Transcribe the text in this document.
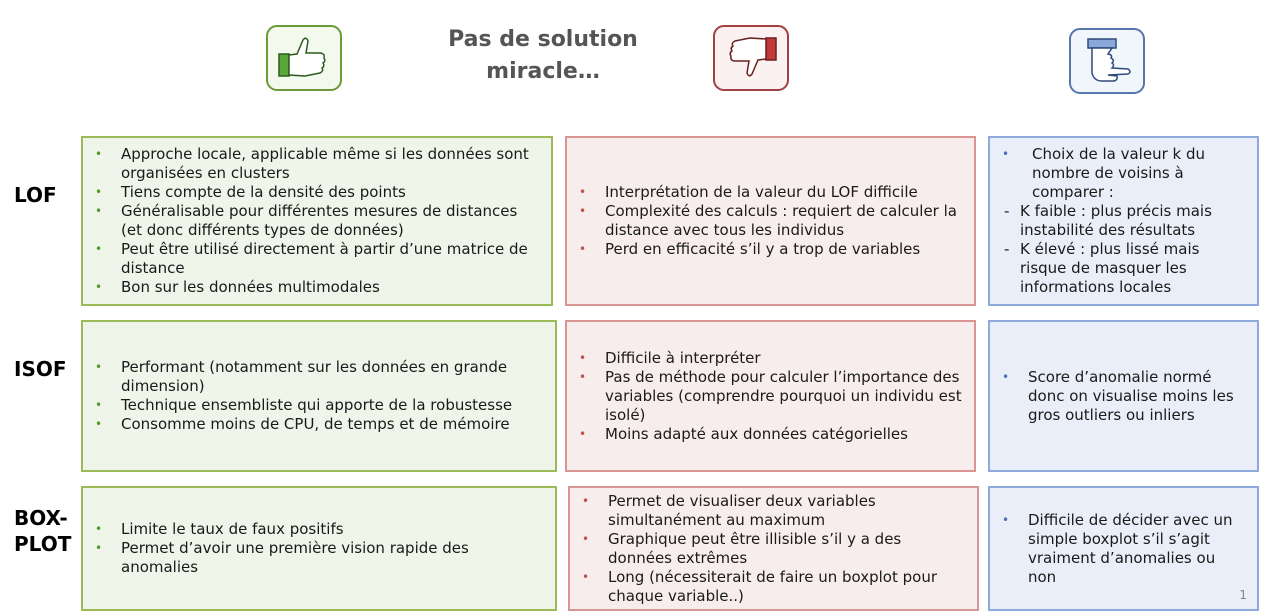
Pas de solution miracle…

LOF
ISOF
BOX-PLOT
• Approche locale, applicable même si les données sont organisées en clusters
• Tiens compte de la densité des points
• Généralisable pour différentes mesures de distances (et donc différents types de données)
• Peut être utilisé directement à partir d’une matrice de distance
• Bon sur les données multimodales
• Interprétation de la valeur du LOF difficile
• Complexité des calculs : requiert de calculer la distance avec tous les individus
• Perd en efficacité s’il y a trop de variables
• Choix de la valeur k du nombre de voisins à comparer :
- K faible : plus précis mais instabilité des résultats
- K élevé : plus lissé mais risque de masquer les informations locales
• Performant (notamment sur les données en grande dimension)
• Technique ensembliste qui apporte de la robustesse
• Consomme moins de CPU, de temps et de mémoire
• Difficile à interpréter
• Pas de méthode pour calculer l’importance des variables (comprendre pourquoi un individu est isolé)
• Moins adapté aux données catégorielles
• Score d’anomalie normé donc on visualise moins les gros outliers ou inliers
• Limite le taux de faux positifs
• Permet d’avoir une première vision rapide des anomalies
• Permet de visualiser deux variables simultanément au maximum
• Graphique peut être illisible s’il y a des données extrêmes
• Long (nécessiterait de faire un boxplot pour chaque variable..)
• Difficile de décider avec un simple boxplot s’il s’agit vraiment d’anomalies ou non
1
